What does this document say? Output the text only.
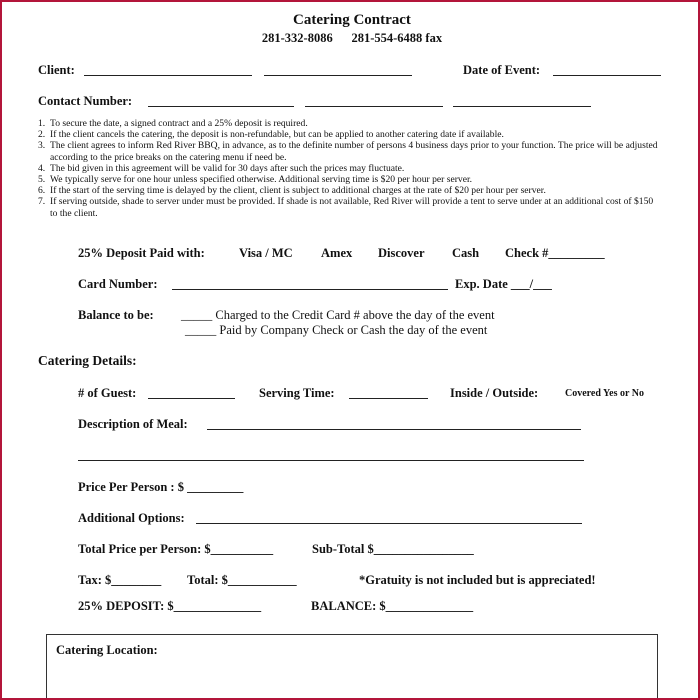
Catering Contract
281-332-8086      281-554-6488 fax
Client:	Date of Event:
Contact Number:
1. To secure the date, a signed contract and a 25% deposit is required.
2. If the client cancels the catering, the deposit is non-refundable, but can be applied to another catering date if available.
3. The client agrees to inform Red River BBQ, in advance, as to the definite number of persons 4 business days prior to your function. The price will be adjusted according to the price breaks on the catering menu if need be.
4. The bid given in this agreement will be valid for 30 days after such the prices may fluctuate.
5. We typically serve for one hour unless specified otherwise. Additional serving time is $20 per hour per server.
6. If the start of the serving time is delayed by the client, client is subject to additional charges at the rate of $20 per hour per server.
7. If serving outside, shade to server under must be provided. If shade is not available, Red River will provide a tent to serve under at an additional cost of $150 to the client.
25% Deposit Paid with:	Visa / MC Amex Discover Cash Check #_________
Card Number:	Exp. Date ___/___
Balance to be: _____ Charged to the Credit Card # above the day of the event
_____ Paid by Company Check or Cash the day of the event
Catering Details:
# of Guest:	Serving Time:	Inside / Outside:	Covered Yes or No
Description of Meal:
Price Per Person : $ _________
Additional Options:
Total Price per Person: $__________	Sub-Total $________________
Tax: $________ Total: $___________	*Gratuity is not included but is appreciated!
25% DEPOSIT: $______________	BALANCE: $______________
Catering Location:
